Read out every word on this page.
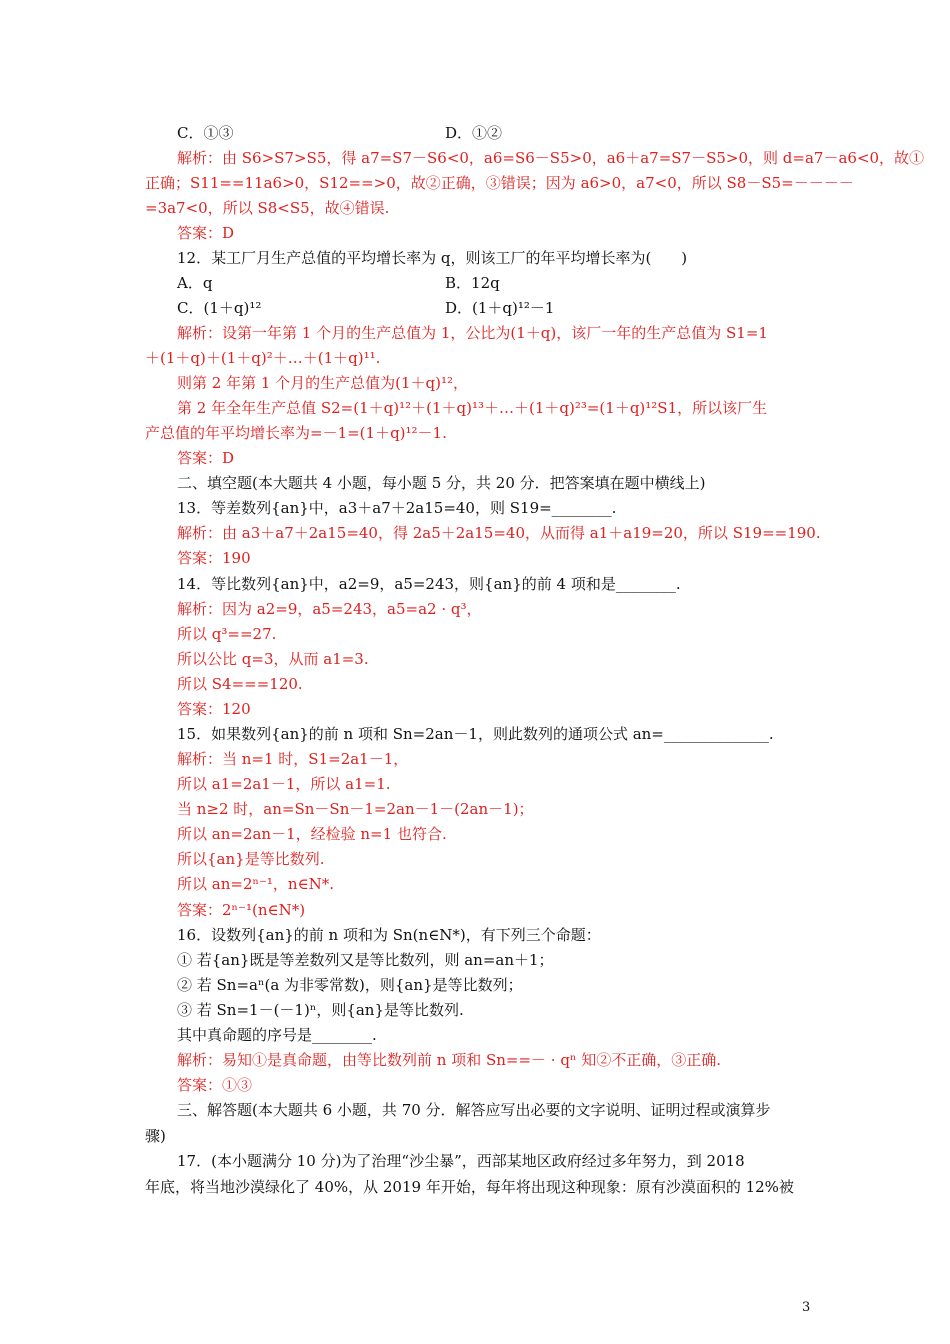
C．①③	D．①②
解析：由 S6>S7>S5，得 a7=S7－S6<0，a6=S6－S5>0，a6＋a7=S7－S5>0，则 d=a7－a6<0，故①
正确；S11==11a6>0，S12==>0，故②正确，③错误；因为 a6>0，a7<0，所以 S8－S5=－－－－
=3a7<0，所以 S8<S5，故④错误.
答案：D
12．某工厂月生产总值的平均增长率为 q，则该工厂的年平均增长率为(　　)
A．q	B．12q
C．(1＋q)¹²	D．(1＋q)¹²－1
解析：设第一年第 1 个月的生产总值为 1，公比为(1＋q)，该厂一年的生产总值为 S1=1
＋(1＋q)＋(1＋q)²＋…＋(1＋q)¹¹.
则第 2 年第 1 个月的生产总值为(1＋q)¹²，
第 2 年全年生产总值 S2=(1＋q)¹²＋(1＋q)¹³＋…＋(1＋q)²³=(1＋q)¹²S1，所以该厂生
产总值的年平均增长率为=－1=(1＋q)¹²－1.
答案：D
二、填空题(本大题共 4 小题，每小题 5 分，共 20 分．把答案填在题中横线上)
13．等差数列{an}中，a3＋a7＋2a15=40，则 S19=________.
解析：由 a3＋a7＋2a15=40，得 2a5＋2a15=40，从而得 a1＋a19=20，所以 S19==190.
答案：190
14．等比数列{an}中，a2=9，a5=243，则{an}的前 4 项和是________.
解析：因为 a2=9，a5=243，a5=a2 · q³，
所以 q³==27.
所以公比 q=3，从而 a1=3.
所以 S4===120.
答案：120
15．如果数列{an}的前 n 项和 Sn=2an－1，则此数列的通项公式 an=______________.
解析：当 n=1 时，S1=2a1－1，
所以 a1=2a1－1，所以 a1=1.
当 n≥2 时，an=Sn－Sn－1=2an－1－(2an－1)；
所以 an=2an－1，经检验 n=1 也符合.
所以{an}是等比数列.
所以 an=2ⁿ⁻¹，n∈N*.
答案：2ⁿ⁻¹(n∈N*)
16．设数列{an}的前 n 项和为 Sn(n∈N*)，有下列三个命题：
① 若{an}既是等差数列又是等比数列，则 an=an＋1；
② 若 Sn=aⁿ(a 为非零常数)，则{an}是等比数列；
③ 若 Sn=1－(－1)ⁿ，则{an}是等比数列.
其中真命题的序号是________.
解析：易知①是真命题，由等比数列前 n 项和 Sn==－ · qⁿ 知②不正确，③正确.
答案：①③
三、解答题(本大题共 6 小题，共 70 分．解答应写出必要的文字说明、证明过程或演算步
骤)
17．(本小题满分 10 分)为了治理“沙尘暴”，西部某地区政府经过多年努力，到 2018
年底，将当地沙漠绿化了 40%，从 2019 年开始，每年将出现这种现象：原有沙漠面积的 12%被
3
